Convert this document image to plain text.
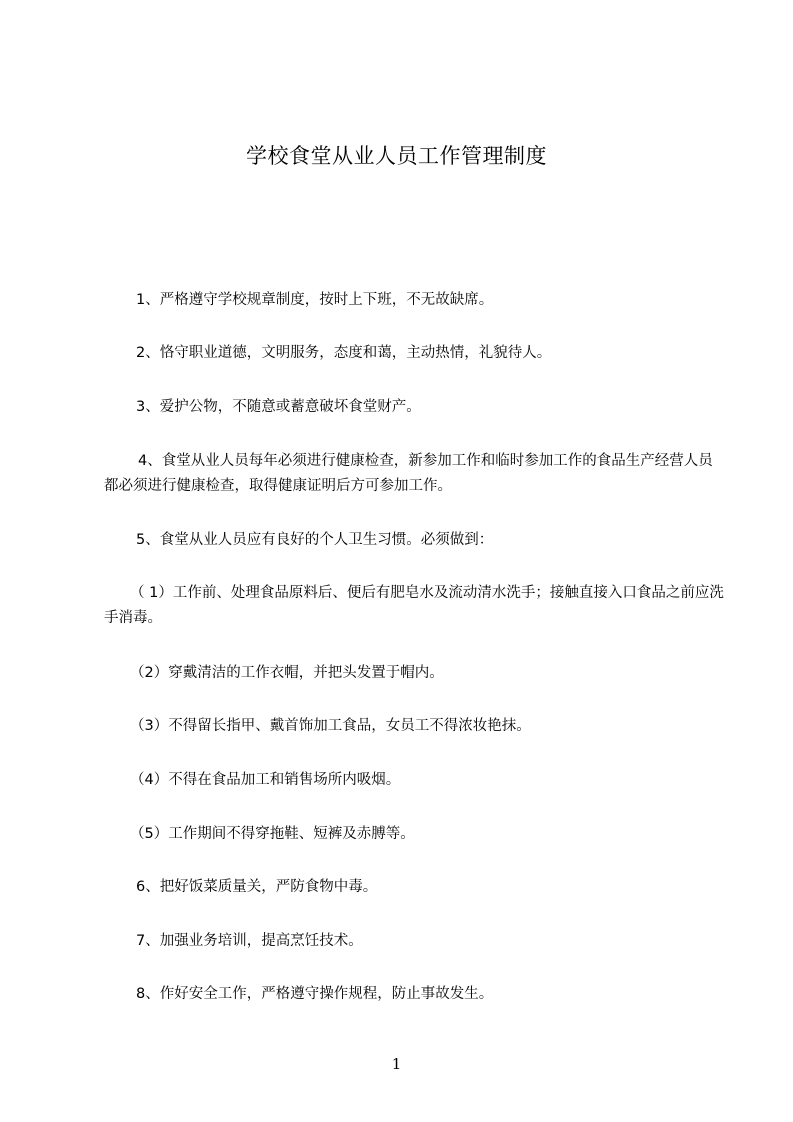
学校食堂从业人员工作管理制度

1、严格遵守学校规章制度，按时上下班，不无故缺席。

2、恪守职业道德，文明服务，态度和蔼，主动热情，礼貌待人。

3、爱护公物，不随意或蓄意破坏食堂财产。

4、食堂从业人员每年必须进行健康检查，新参加工作和临时参加工作的食品生产经营人员都必须进行健康检查，取得健康证明后方可参加工作。

5、食堂从业人员应有良好的个人卫生习惯。必须做到：

（ 1）工作前、处理食品原料后、便后有肥皂水及流动清水洗手；接触直接入口食品之前应洗手消毒。

（2）穿戴清洁的工作衣帽，并把头发置于帽内。

（3）不得留长指甲、戴首饰加工食品，女员工不得浓妆艳抹。

（4）不得在食品加工和销售场所内吸烟。

（5）工作期间不得穿拖鞋、短裤及赤膊等。

6、把好饭菜质量关，严防食物中毒。

7、加强业务培训，提高烹饪技术。

8、作好安全工作，严格遵守操作规程，防止事故发生。

1
